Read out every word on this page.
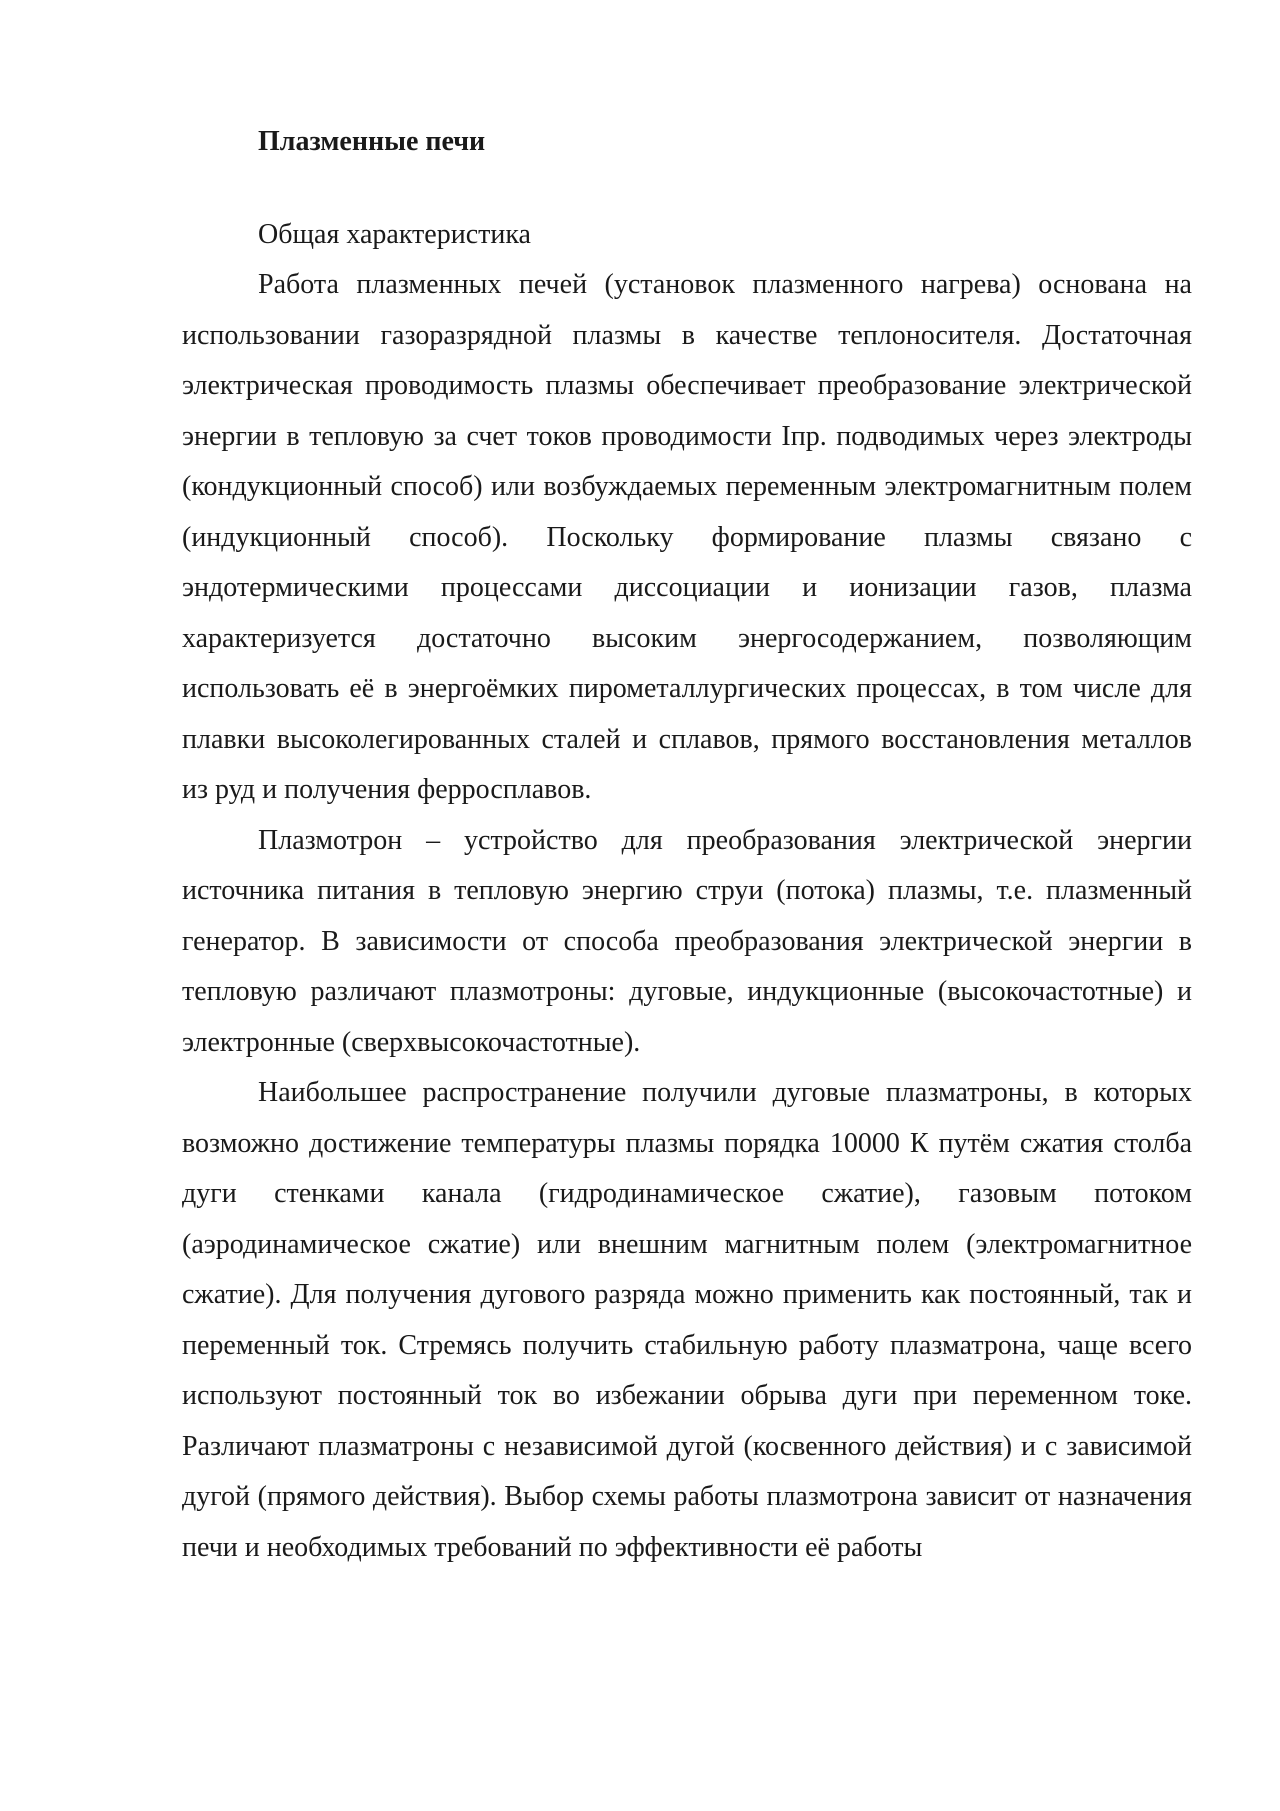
Плазменные печи

Общая характеристика

Работа плазменных печей (установок плазменного нагрева) основана на использовании газоразрядной плазмы в качестве теплоносителя. Достаточная электрическая проводимость плазмы обеспечивает преобразование электрической энергии в тепловую за счет токов проводимости Iпр. подводимых через электроды (кондукционный способ) или возбуждаемых переменным электромагнитным полем (индукционный способ). Поскольку формирование плазмы связано с эндотермическими процессами диссоциации и ионизации газов, плазма характеризуется достаточно высоким энергосодержанием, позволяющим использовать её в энергоёмких пирометаллургических процессах, в том числе для плавки высоколегированных сталей и сплавов, прямого восстановления металлов из руд и получения ферросплавов.

Плазмотрон – устройство для преобразования электрической энергии источника питания в тепловую энергию струи (потока) плазмы, т.е. плазменный генератор. В зависимости от способа преобразования электрической энергии в тепловую различают плазмотроны: дуговые, индукционные (высокочастотные) и электронные (сверхвысокочастотные).

Наибольшее распространение получили дуговые плазматроны, в которых возможно достижение температуры плазмы порядка 10000 К путём сжатия столба дуги стенками канала (гидродинамическое сжатие), газовым потоком (аэродинамическое сжатие) или внешним магнитным полем (электромагнитное сжатие). Для получения дугового разряда можно применить как постоянный, так и переменный ток. Стремясь получить стабильную работу плазматрона, чаще всего используют постоянный ток во избежании обрыва дуги при переменном токе. Различают плазматроны с независимой дугой (косвенного действия) и с зависимой дугой (прямого действия). Выбор схемы работы плазмотрона зависит от назначения печи и необходимых требований по эффективности её работы
